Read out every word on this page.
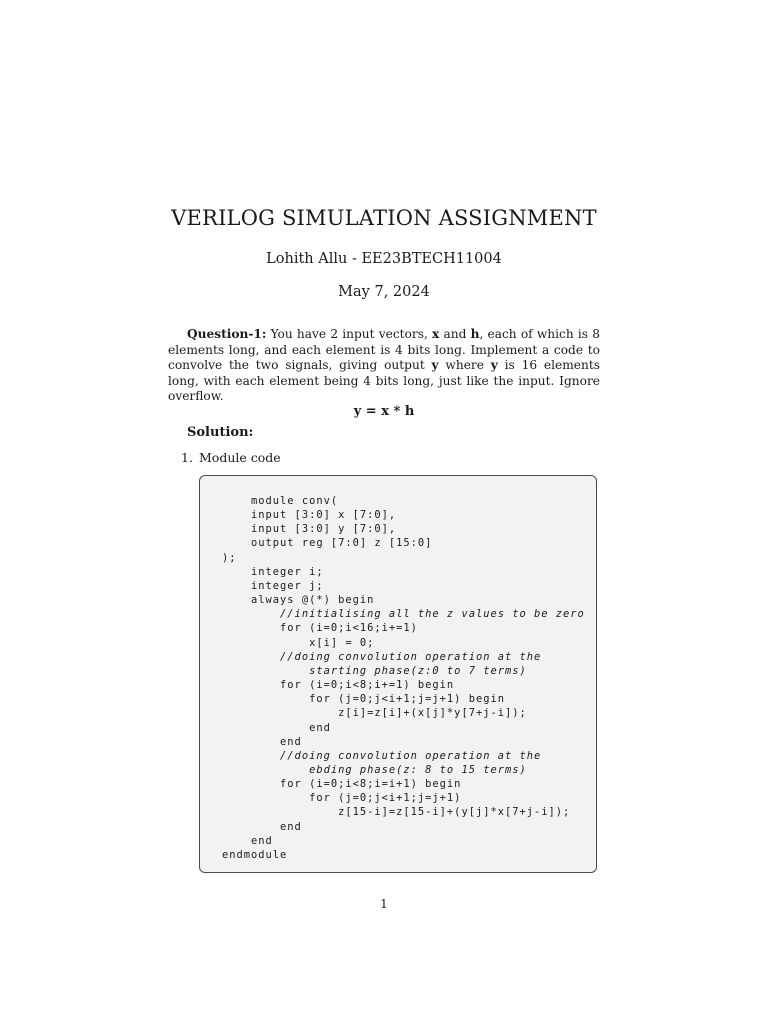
VERILOG SIMULATION ASSIGNMENT
Lohith Allu - EE23BTECH11004
May 7, 2024

Question-1: You have 2 input vectors, x and h, each of which is 8 elements long, and each element is 4 bits long. Implement a code to convolve the two signals, giving output y where y is 16 elements long, with each element being 4 bits long, just like the input. Ignore overflow.

y = x * h
Solution:
1. Module code
module conv(
input [3:0] x [7:0],
input [3:0] y [7:0],
output reg [7:0] z [15:0]
);
integer i;
integer j;
always @(*) begin
//initialising all the z values to be zero
for (i=0;i<16;i+=1)
x[i] = 0;
//doing convolution operation at the
starting phase(z:0 to 7 terms)
for (i=0;i<8;i+=1) begin
for (j=0;j<i+1;j=j+1) begin
z[i]=z[i]+(x[j]*y[7+j-i]);
end
end
//doing convolution operation at the
ebding phase(z: 8 to 15 terms)
for (i=0;i<8;i=i+1) begin
for (j=0;j<i+1;j=j+1)
z[15-i]=z[15-i]+(y[j]*x[7+j-i]);
end
end
endmodule
1
